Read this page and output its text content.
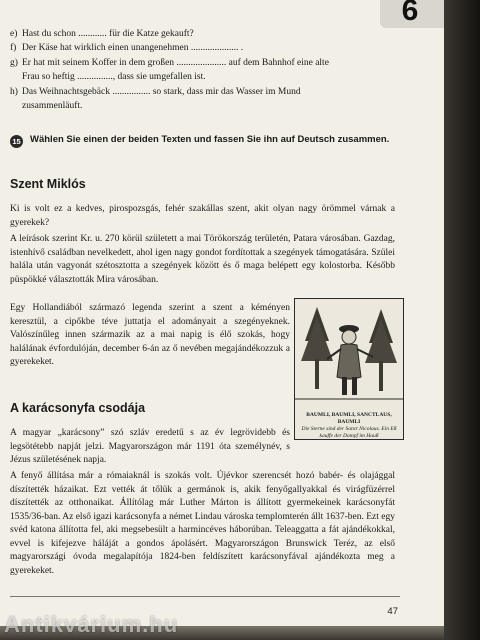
6
e) Hast du schon ............ für die Katze gekauft?
f) Der Käse hat wirklich einen unangenehmen .................... .
g) Er hat mit seinem Koffer in dem großen ..................... auf dem Bahnhof eine alte
Frau so heftig ..............., dass sie umgefallen ist.
h) Das Weihnachtsgebäck ................ so stark, dass mir das Wasser im Mund
zusammenläuft.
15 Wählen Sie einen der beiden Texten und fassen Sie ihn auf Deutsch zusammen.
Szent Miklós

Ki is volt ez a kedves, pirospozsgás, fehér szakállas szent, akit olyan nagy örömmel várnak a gyerekek?

A leírások szerint Kr. u. 270 körül született a mai Törökország területén, Patara városában. Gazdag, istenhívő családban nevelkedett, ahol igen nagy gondot fordítottak a szegények támogatására. Szülei halála után vagyonát szétosztotta a szegények között és ő maga belépett egy kolostorba. Később püspökké választották Mira városában.

Egy Hollandiából származó legenda szerint a szent a kéményen keresztül, a cipőkbe téve juttatja el adományait a szegényeknek. Valószínűleg innen származik az a mai napig is élő szokás, hogy halálának évfordulóján, december 6-án az ő nevében megajándékozzuk a gyerekeket.

BAUMLI, BAUMLI, SANCTLAUS, BAUMLI
Die Sterne sind der Sanct Nicolaus. Ein Eß kauffe der Dampf im Hauß
A karácsonyfa csodája

A magyar „karácsony” szó szláv eredetű s az év legrövidebb és legsötétebb napját jelzi. Magyarországon már 1191 óta személynév, s Jézus születésének napja.

A fenyő állítása már a rómaiaknál is szokás volt. Újévkor szerencsét hozó babér- és olajággal díszítették házaikat. Ezt vették át tőlük a germánok is, akik fenyőgallyakkal és virágfüzérrel díszítették az otthonaikat. Állítólag már Luther Márton is állított gyermekeinek karácsonyfát 1535/36-ban. Az első igazi karácsonyfa a német Lindau városka templomterén állt 1637-ben. Ezt egy svéd katona állította fel, aki megsebesült a harmincéves háborúban. Teleaggatta a fát ajándékokkal, evvel is kifejezve háláját a gondos ápolásért. Magyarországon Brunswick Teréz, az első magyarországi óvoda megalapítója 1824-ben feldíszített karácsonyfával ajándékozta meg a gyerekeket.

47
Antikvárium.hu
